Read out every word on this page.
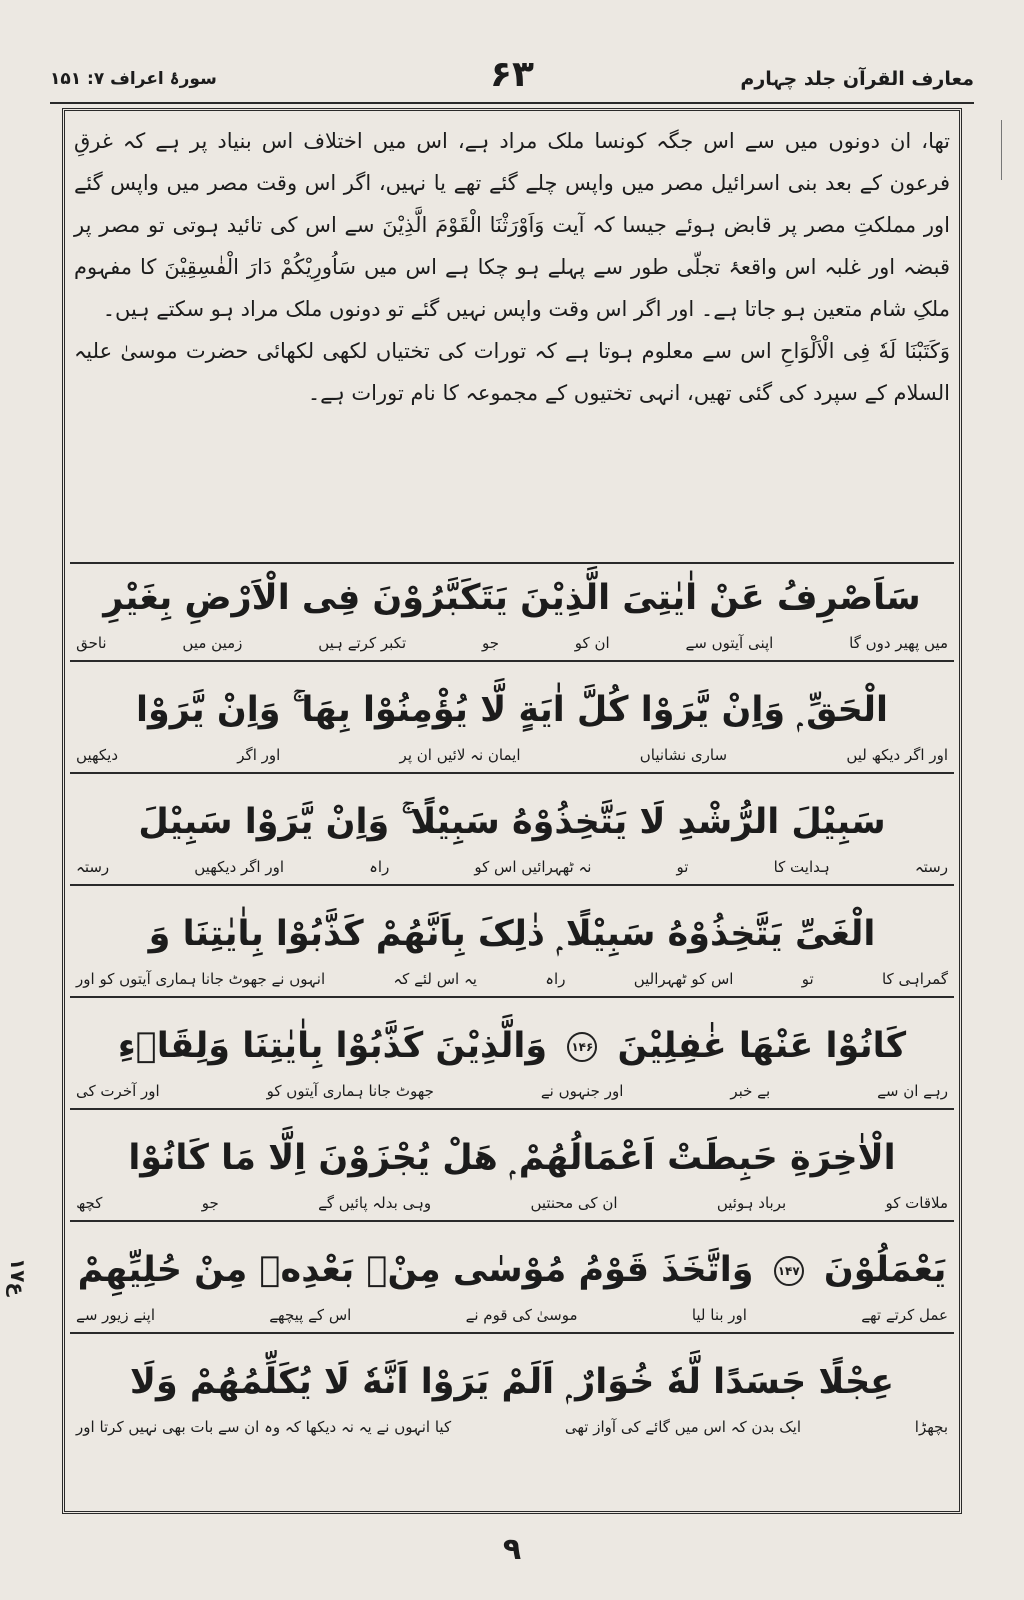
سورۂ اعراف ۷: ۱۵۱	۶۳	معارف القرآن جلد چہارم

تھا، ان دونوں میں سے اس جگہ کونسا ملک مراد ہے، اس میں اختلاف اس بنیاد پر ہے کہ غرقِ فرعون کے بعد بنی اسرائیل مصر میں واپس چلے گئے تھے یا نہیں، اگر اس وقت مصر میں واپس گئے اور مملکتِ مصر پر قابض ہوئے جیسا کہ آیت وَاَوْرَثْنَا الْقَوْمَ الَّذِیْنَ سے اس کی تائید ہوتی تو مصر پر قبضہ اور غلبہ اس واقعۂ تجلّی طور سے پہلے ہو چکا ہے اس میں سَاُورِیْکُمْ دَارَ الْفٰسِقِیْنَ کا مفہوم ملکِ شام متعین ہو جاتا ہے۔ اور اگر اس وقت واپس نہیں گئے تو دونوں ملک مراد ہو سکتے ہیں۔

وَکَتَبْنَا لَهٗ فِی الْاَلْوَاحِ اس سے معلوم ہوتا ہے کہ تورات کی تختیاں لکھی لکھائی حضرت موسیٰ علیہ السلام کے سپرد کی گئی تھیں، انہی تختیوں کے مجموعہ کا نام تورات ہے۔

سَاَصْرِفُ عَنْ اٰیٰتِیَ الَّذِیْنَ یَتَکَبَّرُوْنَ فِی الْاَرْضِ بِغَیْرِ
میں پھیر دوں گا
اپنی آیتوں سے
ان کو
جو
تکبر کرتے ہیں
زمین میں
ناحق
الْحَقِّ ۭ وَاِنْ یَّرَوْا کُلَّ اٰیَةٍ لَّا یُؤْمِنُوْا بِهَا ۚ وَاِنْ یَّرَوْا
اور اگر دیکھ لیں
ساری نشانیاں
ایمان نہ لائیں ان پر
اور اگر
دیکھیں
سَبِیْلَ الرُّشْدِ لَا یَتَّخِذُوْهُ سَبِیْلًا ۚ وَاِنْ یَّرَوْا سَبِیْلَ
رستہ
ہدایت کا
تو
نہ ٹھہرائیں اس کو
راہ
اور اگر دیکھیں
رستہ
الْغَیِّ یَتَّخِذُوْهُ سَبِیْلًا ۭ ذٰلِکَ بِاَنَّهُمْ کَذَّبُوْا بِاٰیٰتِنَا وَ
گمراہی کا
تو
اس کو ٹھہرالیں
راہ
یہ اس لئے کہ
انہوں نے جھوٹ جانا ہماری آیتوں کو اور
کَانُوْا عَنْهَا غٰفِلِیْنَ ۱۴۶ وَالَّذِیْنَ کَذَّبُوْا بِاٰیٰتِنَا وَلِقَاۗءِ
رہے ان سے
بے خبر
اور جنہوں نے
جھوٹ جانا ہماری آیتوں کو
اور آخرت کی
الْاٰخِرَةِ حَبِطَتْ اَعْمَالُهُمْ ۭ هَلْ یُجْزَوْنَ اِلَّا مَا کَانُوْا
ملاقات کو
برباد ہوئیں
ان کی محنتیں
وہی بدلہ پائیں گے
جو
کچھ
یَعْمَلُوْنَ ۱۴۷ وَاتَّخَذَ قَوْمُ مُوْسٰی مِنْۢ بَعْدِهٖ مِنْ حُلِیِّهِمْ
عمل کرتے تھے
اور بنا لیا
موسیٰ کی قوم نے
اس کے پیچھے
اپنے زیور سے
عِجْلًا جَسَدًا لَّهٗ خُوَارٌ ۭ اَلَمْ یَرَوْا اَنَّهٗ لَا یُکَلِّمُهُمْ وَلَا
بچھڑا
ایک بدن کہ اس میں گائے کی آواز تھی
کیا انہوں نے یہ نہ دیکھا کہ وہ ان سے بات بھی نہیں کرتا اور
۱۷ع
۹
